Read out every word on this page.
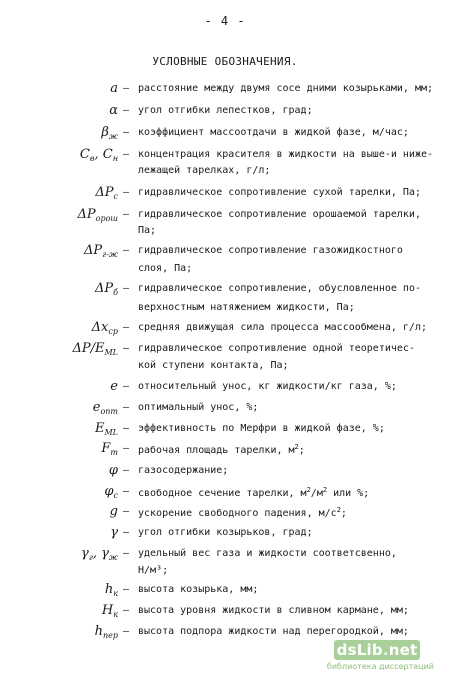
- 4 -
УСЛОВНЫЕ ОБОЗНАЧЕНИЯ.
a – расстояние между двумя сосе дними козырьками, мм;
α – угол отгибки лепестков, град;
$\beta_ж$ – коэффициент массоотдачи в жидкой фазе, м/час;
$C_в$, $C_н$ – концентрация красителя в жидкости на выше-и ниже-
лежащей тарелках, г/л;
$\Delta P_с$ – гидравлическое сопротивление сухой тарелки, Па;
$\Delta P_{орош}$ – гидравлическое сопротивление орошаемой тарелки,
Па;
$\Delta P_{г-ж}$ – гидравлическое сопротивление газожидкостного
слоя, Па;
$\Delta P_б$ – гидравлическое сопротивление, обусловленное по-
верхностным натяжением жидкости, Па;
$\Delta x_{ср}$ – средняя движущая сила процесса массообмена, г/л;
$\Delta P/E_{ML}$ – гидравлическое сопротивление одной теоретичес-
кой ступени контакта, Па;
e – относительный унос, кг жидкости/кг газа, %;
$e_{опт}$ – оптимальный унос, %;
$E_{ML}$ – эффективность по Мерфри в жидкой фазе, %;
$F_т$ – рабочая площадь тарелки, $м^2$;
φ – газосодержание;
$\varphi_с$ – свободное сечение тарелки, $м^2/м^2$ или %;
g – ускорение свободного падения, $м/с^2$;
γ – угол отгибки козырьков, град;
$\gamma_г$, $\gamma_ж$ – удельный вес газа и жидкости соответсвенно,
Н/м³;
$h_к$ – высота козырька, мм;
$H_к$ – высота уровня жидкости в сливном кармане, мм;
$h_{пер}$ – высота подпора жидкости над перегородкой, мм;
dsLib.net
библиотека диссертаций
